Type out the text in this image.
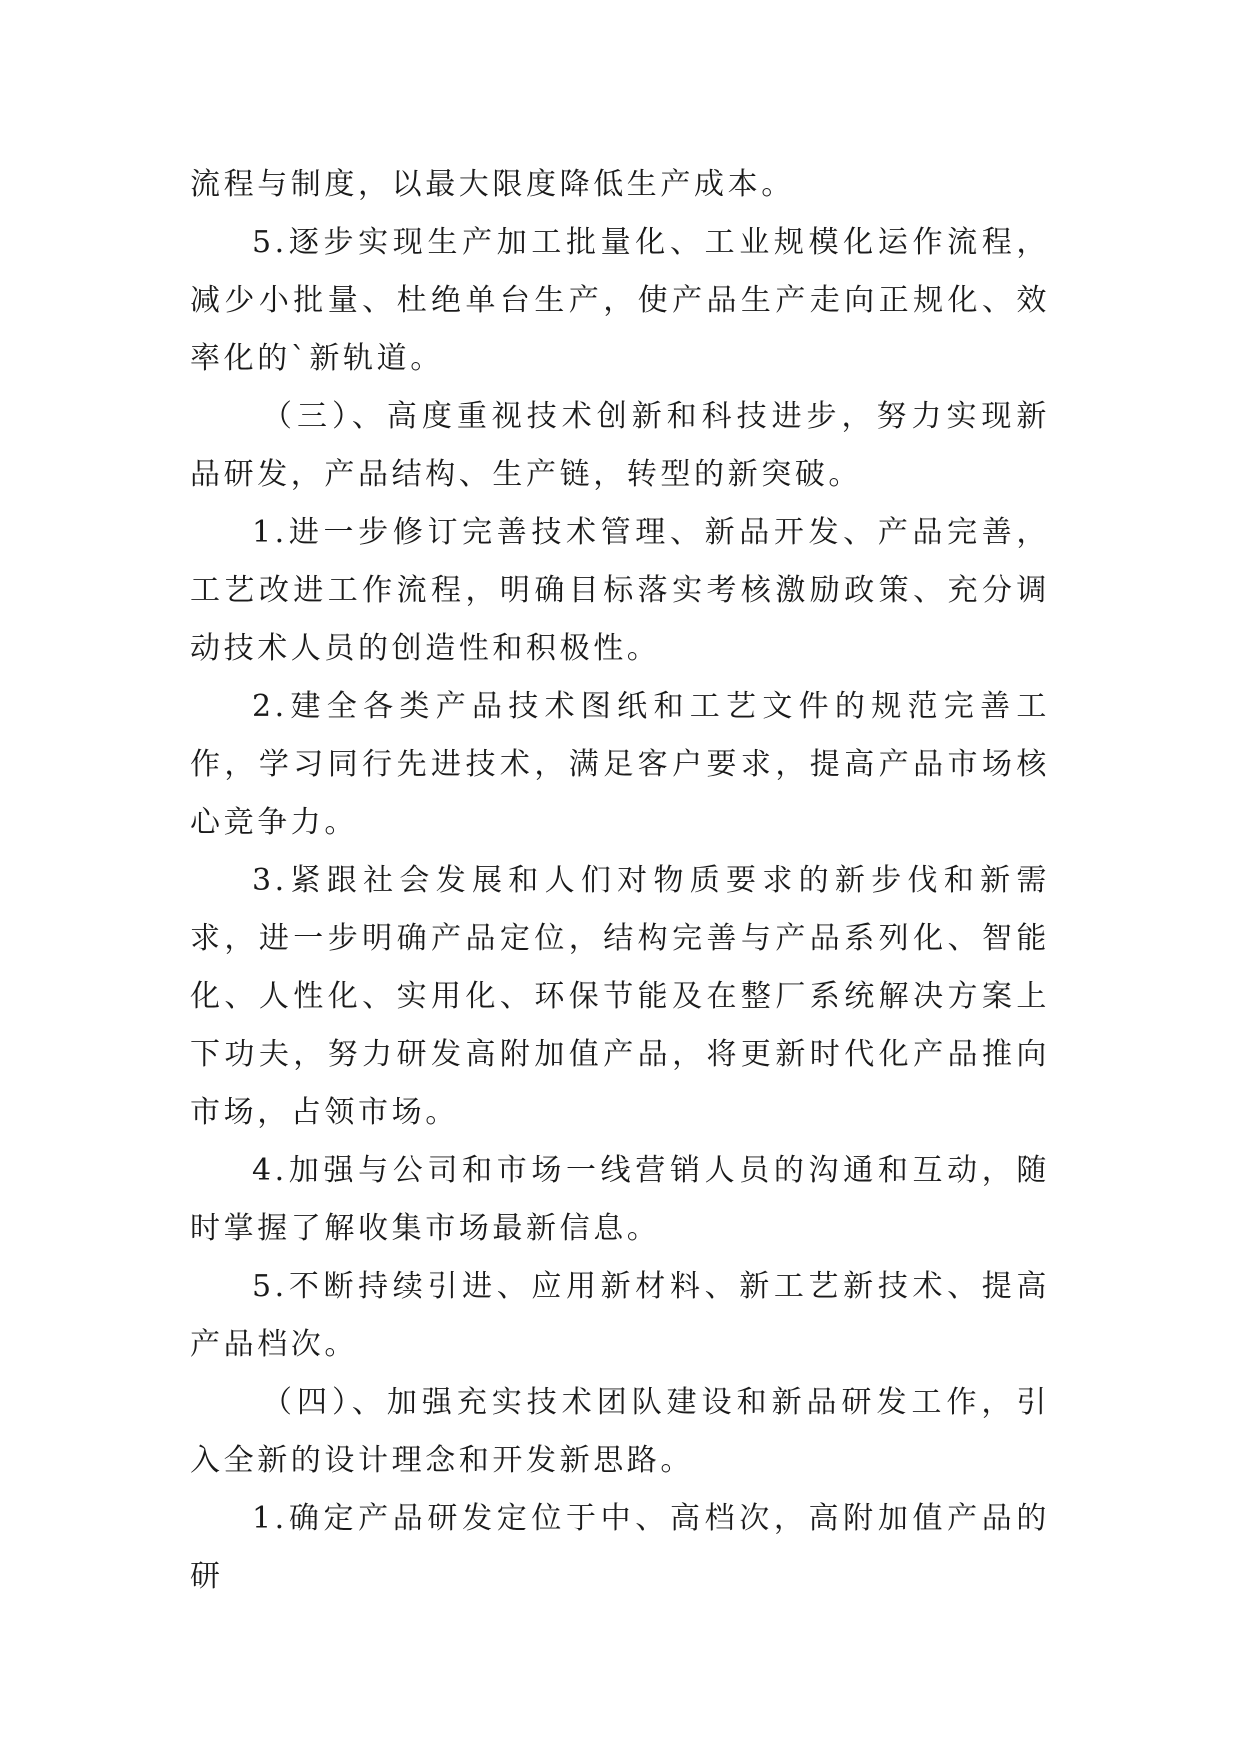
流程与制度，以最大限度降低生产成本。

5.逐步实现生产加工批量化、工业规模化运作流程，减少小批量、杜绝单台生产，使产品生产走向正规化、效率化的`新轨道。

（三）、高度重视技术创新和科技进步，努力实现新品研发，产品结构、生产链，转型的新突破。

1.进一步修订完善技术管理、新品开发、产品完善，工艺改进工作流程，明确目标落实考核激励政策、充分调动技术人员的创造性和积极性。

2.建全各类产品技术图纸和工艺文件的规范完善工作，学习同行先进技术，满足客户要求，提高产品市场核心竞争力。

3.紧跟社会发展和人们对物质要求的新步伐和新需求，进一步明确产品定位，结构完善与产品系列化、智能化、人性化、实用化、环保节能及在整厂系统解决方案上下功夫，努力研发高附加值产品，将更新时代化产品推向市场，占领市场。

4.加强与公司和市场一线营销人员的沟通和互动，随时掌握了解收集市场最新信息。

5.不断持续引进、应用新材料、新工艺新技术、提高产品档次。

（四）、加强充实技术团队建设和新品研发工作，引入全新的设计理念和开发新思路。

1.确定产品研发定位于中、高档次，高附加值产品的研
